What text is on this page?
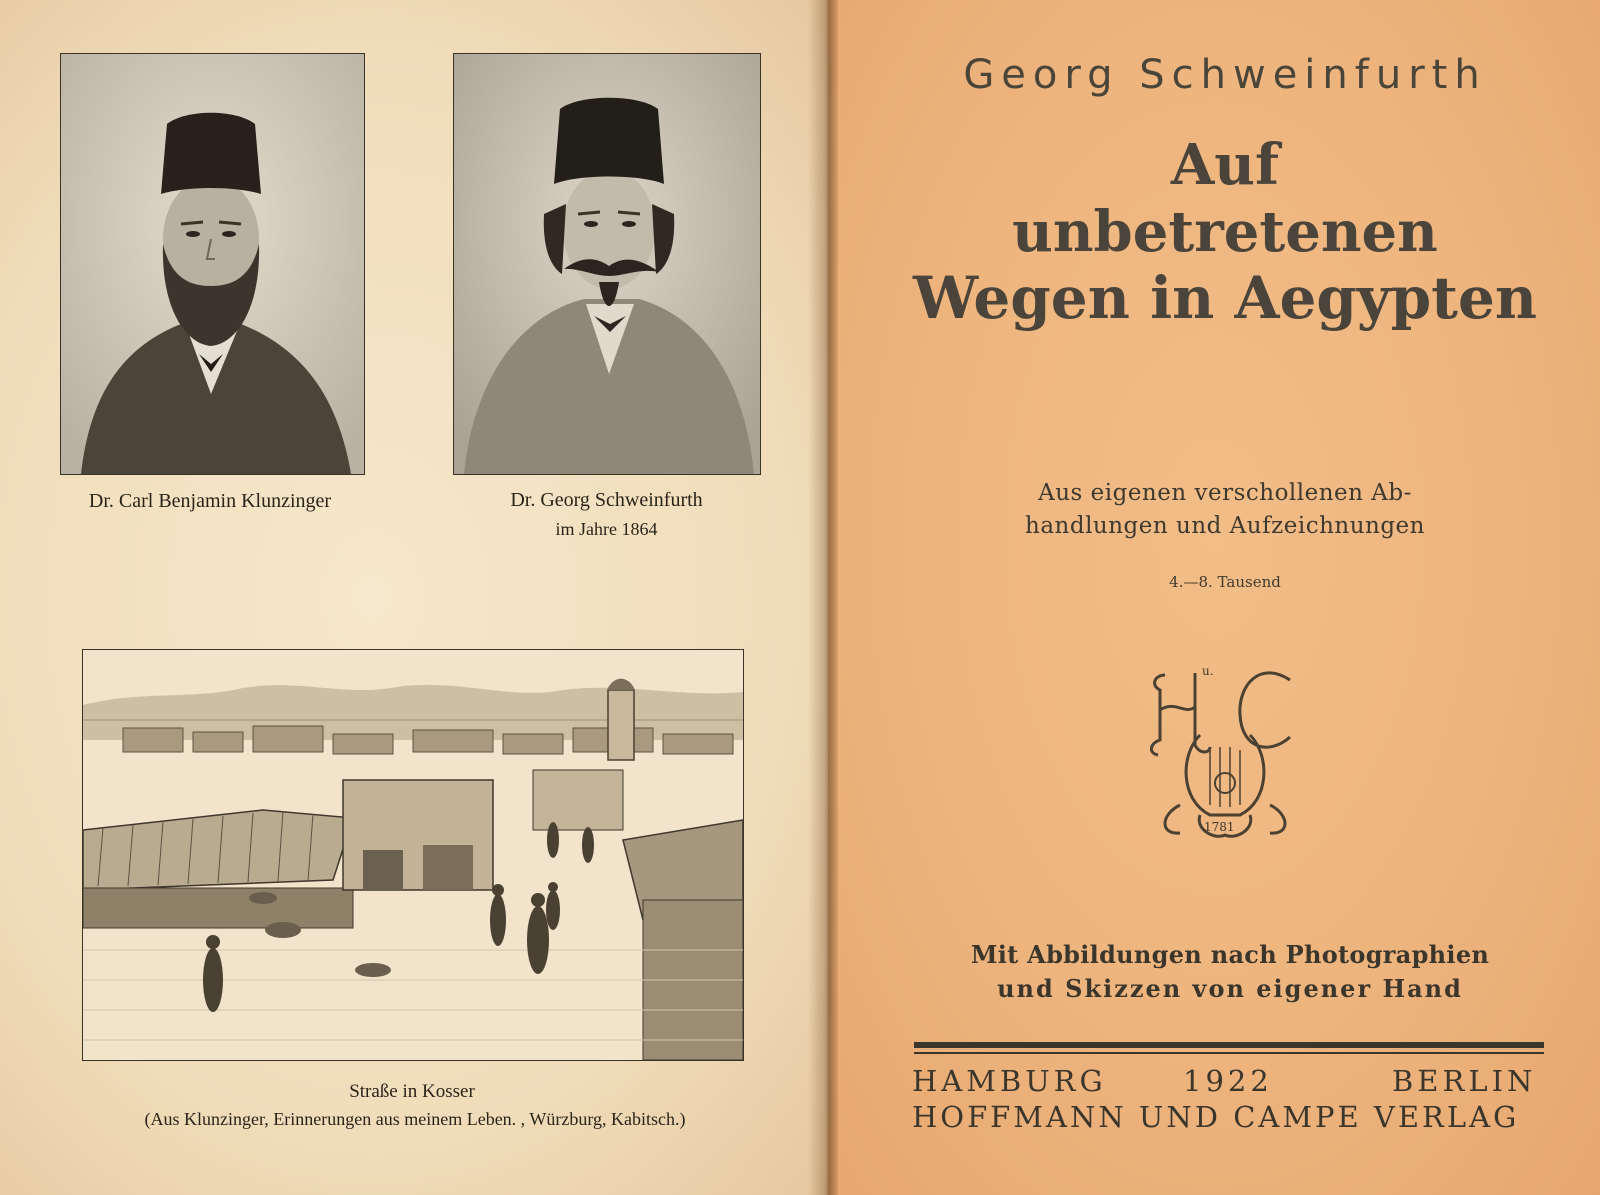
Dr. Carl Benjamin Klunzinger	Dr. Georg Schweinfurth
im Jahre 1864
Straße in Kosser
(Aus Klunzinger, Erinnerungen aus meinem Leben. , Würzburg, Kabitsch.)
Georg Schweinfurth
Auf
unbetretenen
Wegen in Aegypten
Aus eigenen verschollenen Ab-
handlungen und Aufzeichnungen
4.—8. Tausend
1781
u.
Mit Abbildungen nach Photographien
und Skizzen von eigener Hand
HAMBURG	1922	BERLIN
HOFFMANN UND CAMPE VERLAG
